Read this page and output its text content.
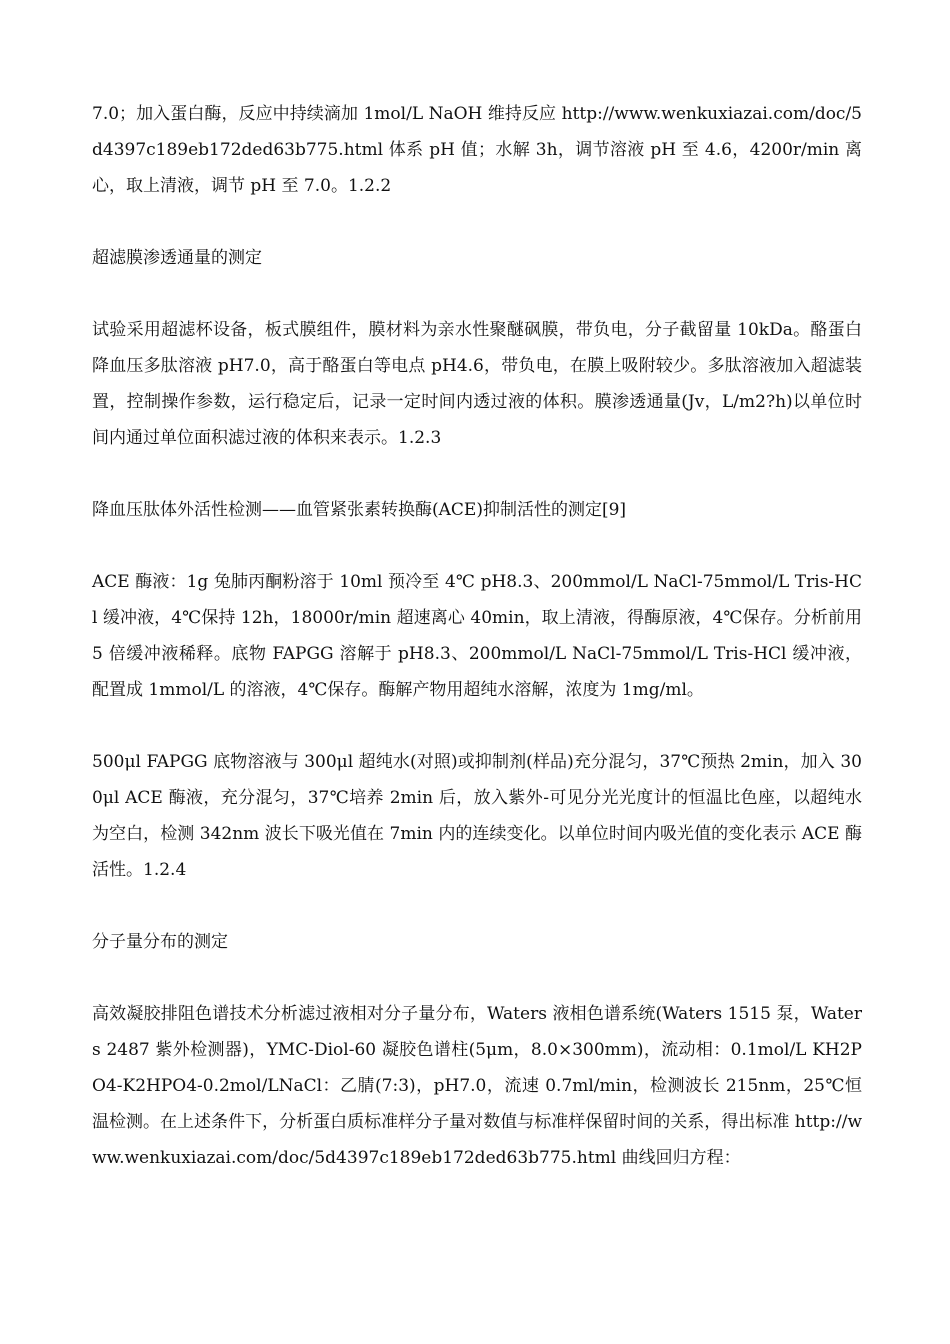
7.0；加入蛋白酶，反应中持续滴加 1mol/L NaOH 维持反应 http://www.wenkuxiazai.com/doc/5d4397c189eb172ded63b775.html 体系 pH 值；水解 3h，调节溶液 pH 至 4.6，4200r/min 离心，取上清液，调节 pH 至 7.0。1.2.2

超滤膜渗透通量的测定

试验采用超滤杯设备，板式膜组件，膜材料为亲水性聚醚砜膜，带负电，分子截留量 10kDa。酪蛋白降血压多肽溶液 pH7.0，高于酪蛋白等电点 pH4.6，带负电，在膜上吸附较少。多肽溶液加入超滤装置，控制操作参数，运行稳定后，记录一定时间内透过液的体积。膜渗透通量(Jv，L/m2?h)以单位时间内通过单位面积滤过液的体积来表示。1.2.3

降血压肽体外活性检测——血管紧张素转换酶(ACE)抑制活性的测定[9]

ACE 酶液：1g 兔肺丙酮粉溶于 10ml 预冷至 4℃ pH8.3、200mmol/L NaCl-75mmol/L Tris-HCl 缓冲液，4℃保持 12h，18000r/min 超速离心 40min，取上清液，得酶原液，4℃保存。分析前用 5 倍缓冲液稀释。底物 FAPGG 溶解于 pH8.3、200mmol/L NaCl-75mmol/L Tris-HCl 缓冲液，配置成 1mmol/L 的溶液，4℃保存。酶解产物用超纯水溶解，浓度为 1mg/ml。

500μl FAPGG 底物溶液与 300μl 超纯水(对照)或抑制剂(样品)充分混匀，37℃预热 2min，加入 300μl ACE 酶液，充分混匀，37℃培养 2min 后，放入紫外-可见分光光度计的恒温比色座，以超纯水为空白，检测 342nm 波长下吸光值在 7min 内的连续变化。以单位时间内吸光值的变化表示 ACE 酶活性。1.2.4

分子量分布的测定

高效凝胶排阻色谱技术分析滤过液相对分子量分布，Waters 液相色谱系统(Waters 1515 泵，Waters 2487 紫外检测器)，YMC-Diol-60 凝胶色谱柱(5μm，8.0×300mm)，流动相：0.1mol/L KH2PO4-K2HPO4-0.2mol/LNaCl：乙腈(7:3)，pH7.0，流速 0.7ml/min，检测波长 215nm，25℃恒温检测。在上述条件下，分析蛋白质标准样分子量对数值与标准样保留时间的关系，得出标准 http://www.wenkuxiazai.com/doc/5d4397c189eb172ded63b775.html 曲线回归方程：
